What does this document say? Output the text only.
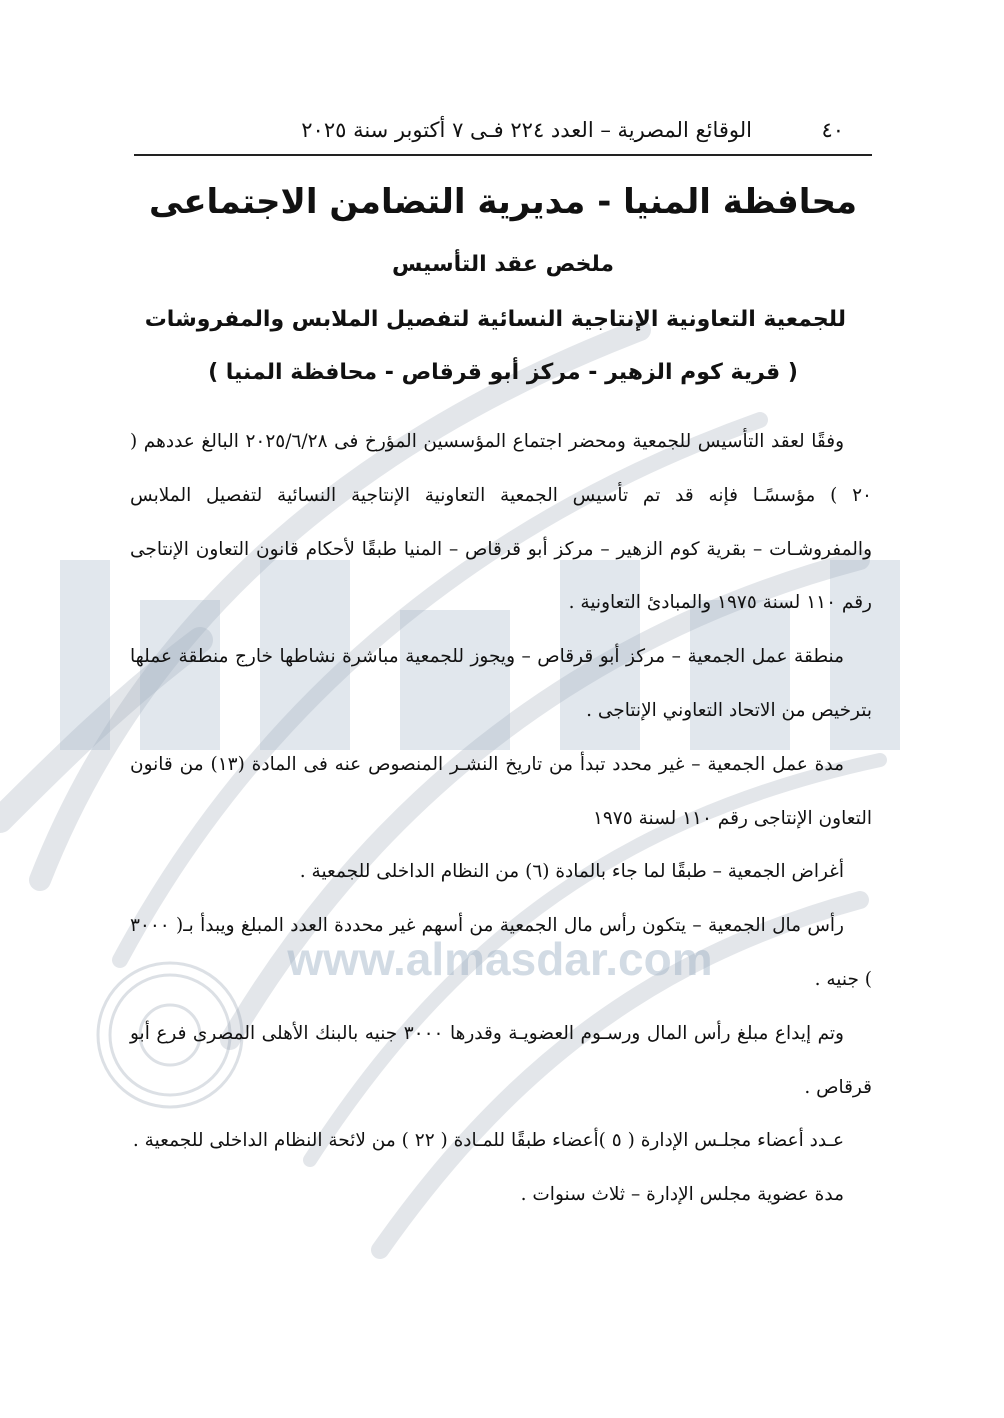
www.almasdar.com
٤٠
الوقائع المصرية – العدد ٢٢٤ فـى ٧ أكتوبر سنة ٢٠٢٥
محافظة المنيا - مديرية التضامن الاجتماعى
ملخص عقد التأسيس
للجمعية التعاونية الإنتاجية النسائية لتفصيل الملابس والمفروشات
( قرية كوم الزهير - مركز أبو قرقاص - محافظة المنيا )

وفقًا لعقد التأسيس للجمعية ومحضر اجتماع المؤسسين المؤرخ فى ٢٠٢٥/٦/٢٨ البالغ عددهم ( ٢٠ ) مؤسسًـا فإنه قد تم تأسيس الجمعية التعاونية الإنتاجية النسائية لتفصيل الملابس والمفروشـات – بقرية كوم الزهير – مركز أبو قرقاص – المنيا طبقًا لأحكام قانون التعاون الإنتاجى رقم ١١٠ لسنة ١٩٧٥ والمبادئ التعاونية .

منطقة عمل الجمعية – مركز أبو قرقاص – ويجوز للجمعية مباشرة نشاطها خارج منطقة عملها بترخيص من الاتحاد التعاوني الإنتاجى .

مدة عمل الجمعية – غير محدد تبدأ من تاريخ النشـر المنصوص عنه فى المادة (١٣) من قانون التعاون الإنتاجى رقم ١١٠ لسنة ١٩٧٥

أغراض الجمعية – طبقًا لما جاء بالمادة (٦) من النظام الداخلى للجمعية .

رأس مال الجمعية – يتكون رأس مال الجمعية من أسهم غير محددة العدد المبلغ ويبدأ بـ( ٣٠٠٠ ) جنيه .

وتم إيداع مبلغ رأس المال ورسـوم العضويـة وقدرها ٣٠٠٠ جنيه بالبنك الأهلى المصرى فرع أبو قرقاص .

عـدد أعضاء مجلـس الإدارة ( ٥ )أعضاء طبقًا للمـادة ( ٢٢ ) من لائحة النظام الداخلى للجمعية .

مدة عضوية مجلس الإدارة – ثلاث سنوات .
